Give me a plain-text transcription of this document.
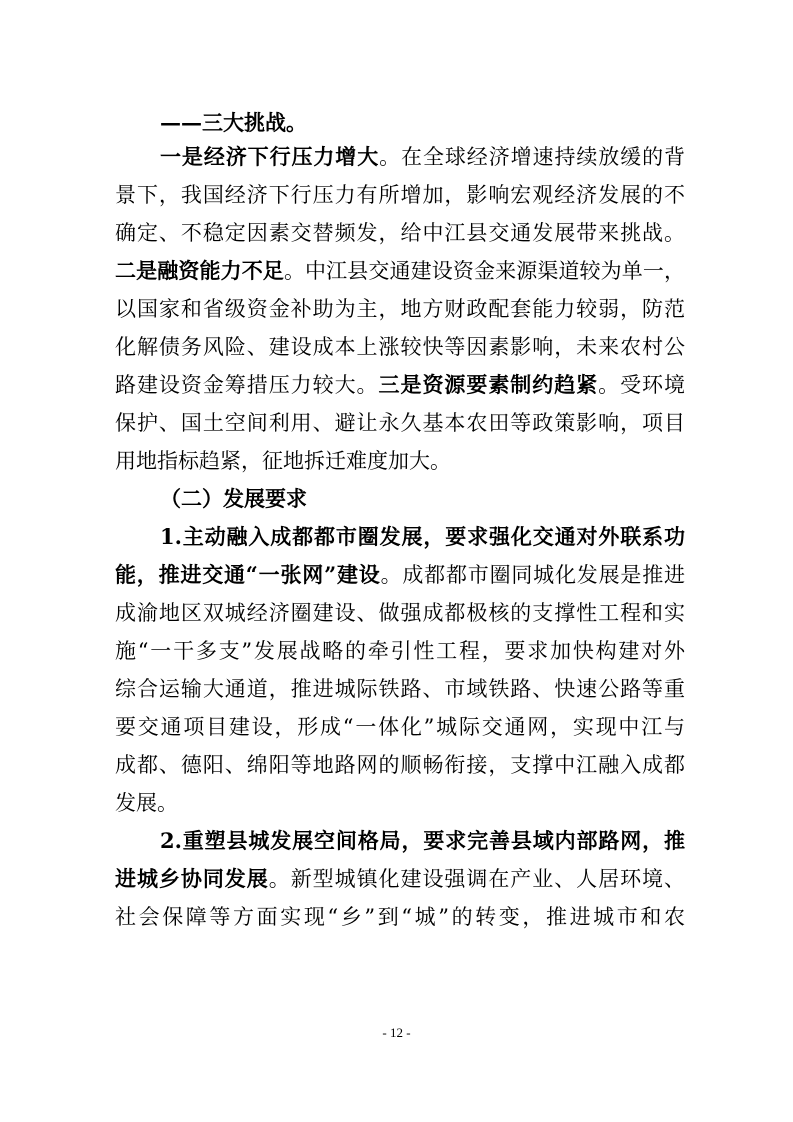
——三大挑战。
一是经济下行压力增大。在全球经济增速持续放缓的背
景下，我国经济下行压力有所增加，影响宏观经济发展的不
确定、不稳定因素交替频发，给中江县交通发展带来挑战。
二是融资能力不足。中江县交通建设资金来源渠道较为单一，
以国家和省级资金补助为主，地方财政配套能力较弱，防范
化解债务风险、建设成本上涨较快等因素影响，未来农村公
路建设资金筹措压力较大。三是资源要素制约趋紧。受环境
保护、国土空间利用、避让永久基本农田等政策影响，项目
用地指标趋紧，征地拆迁难度加大。
（二）发展要求
1.主动融入成都都市圈发展，要求强化交通对外联系功
能，推进交通“一张网”建设。成都都市圈同城化发展是推进
成渝地区双城经济圈建设、做强成都极核的支撑性工程和实
施“一干多支”发展战略的牵引性工程，要求加快构建对外
综合运输大通道，推进城际铁路、市域铁路、快速公路等重
要交通项目建设，形成“一体化”城际交通网，实现中江与
成都、德阳、绵阳等地路网的顺畅衔接，支撑中江融入成都
发展。
2.重塑县城发展空间格局，要求完善县域内部路网，推
进城乡协同发展。新型城镇化建设强调在产业、人居环境、
社会保障等方面实现“乡”到“城”的转变，推进城市和农
- 12 -
